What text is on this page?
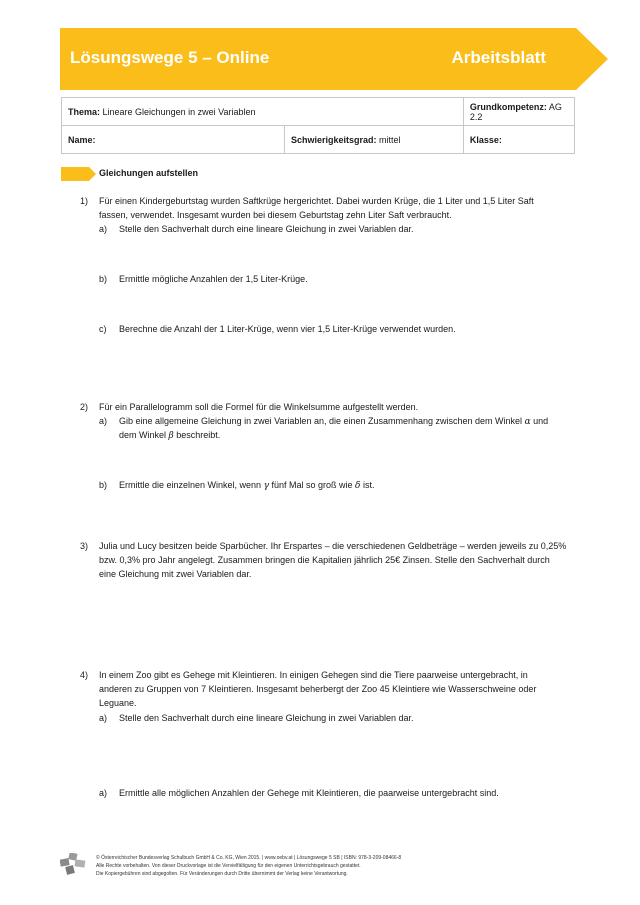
Lösungswege 5 – Online	Arbeitsblatt
Thema: Lineare Gleichungen in zwei Variablen		Grundkompetenz: AG 2.2
Name:	Schwierigkeitsgrad: mittel	Klasse:
Gleichungen aufstellen
1) Für einen Kindergeburtstag wurden Saftkrüge hergerichtet. Dabei wurden Krüge, die 1 Liter und 1,5 Liter Saft
fassen, verwendet. Insgesamt wurden bei diesem Geburtstag zehn Liter Saft verbraucht.
a) Stelle den Sachverhalt durch eine lineare Gleichung in zwei Variablen dar.
b) Ermittle mögliche Anzahlen der 1,5 Liter-Krüge.
c) Berechne die Anzahl der 1 Liter-Krüge, wenn vier 1,5 Liter-Krüge verwendet wurden.
2) Für ein Parallelogramm soll die Formel für die Winkelsumme aufgestellt werden.
a) Gib eine allgemeine Gleichung in zwei Variablen an, die einen Zusammenhang zwischen dem Winkel α und
dem Winkel β beschreibt.
b) Ermittle die einzelnen Winkel, wenn γ fünf Mal so groß wie δ ist.
3) Julia und Lucy besitzen beide Sparbücher. Ihr Erspartes – die verschiedenen Geldbeträge – werden jeweils zu 0,25%
bzw. 0,3% pro Jahr angelegt. Zusammen bringen die Kapitalien jährlich 25€ Zinsen. Stelle den Sachverhalt durch
eine Gleichung mit zwei Variablen dar.
4) In einem Zoo gibt es Gehege mit Kleintieren. In einigen Gehegen sind die Tiere paarweise untergebracht, in
anderen zu Gruppen von 7 Kleintieren. Insgesamt beherbergt der Zoo 45 Kleintiere wie Wasserschweine oder
Leguane.
a) Stelle den Sachverhalt durch eine lineare Gleichung in zwei Variablen dar.
a) Ermittle alle möglichen Anzahlen der Gehege mit Kleintieren, die paarweise untergebracht sind.
© Österreichischer Bundesverlag Schulbuch GmbH & Co. KG, Wien 2015. | www.oebv.at | Lösungswege 5 SB | ISBN: 978-3-209-08466-8
Alle Rechte vorbehalten. Von dieser Druckvorlage ist die Vervielfältigung für den eigenen Unterrichtsgebrauch gestattet.
Die Kopiergebühren sind abgegolten. Für Veränderungen durch Dritte übernimmt der Verlag keine Verantwortung.
